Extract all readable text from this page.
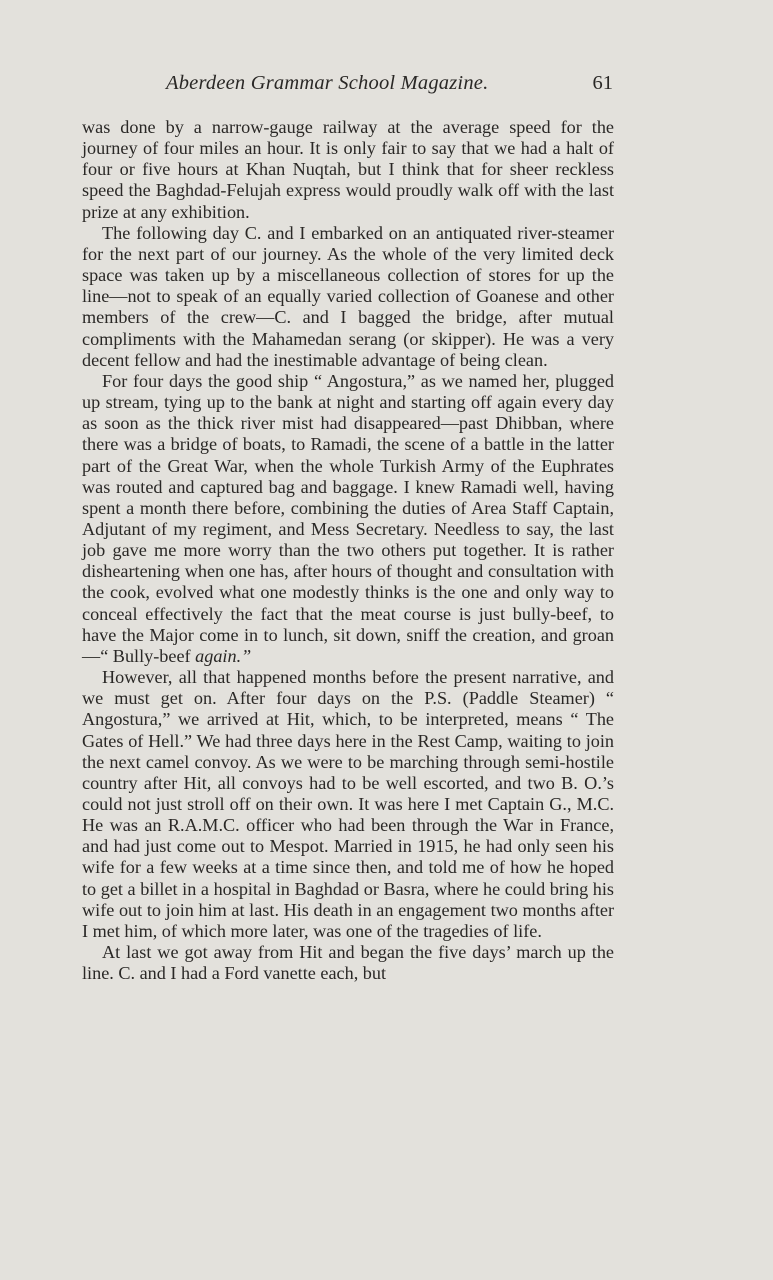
Aberdeen Grammar School Magazine.	61

was done by a narrow-gauge railway at the average speed for the journey of four miles an hour. It is only fair to say that we had a halt of four or five hours at Khan Nuqtah, but I think that for sheer reckless speed the Baghdad-Felujah express would proudly walk off with the last prize at any exhibition.

The following day C. and I embarked on an antiquated river-steamer for the next part of our journey. As the whole of the very limited deck space was taken up by a miscellaneous collection of stores for up the line—not to speak of an equally varied collection of Goanese and other members of the crew—C. and I bagged the bridge, after mutual compliments with the Mahamedan serang (or skipper). He was a very decent fellow and had the inestimable advantage of being clean.

For four days the good ship “ Angostura,” as we named her, plugged up stream, tying up to the bank at night and starting off again every day as soon as the thick river mist had disappeared—past Dhibban, where there was a bridge of boats, to Ramadi, the scene of a battle in the latter part of the Great War, when the whole Turkish Army of the Euphrates was routed and captured bag and baggage. I knew Ramadi well, having spent a month there before, combining the duties of Area Staff Captain, Adjutant of my regiment, and Mess Secretary. Needless to say, the last job gave me more worry than the two others put together. It is rather disheartening when one has, after hours of thought and consultation with the cook, evolved what one modestly thinks is the one and only way to conceal effectively the fact that the meat course is just bully-beef, to have the Major come in to lunch, sit down, sniff the creation, and groan—“ Bully-beef again.”

However, all that happened months before the present narrative, and we must get on. After four days on the P.S. (Paddle Steamer) “ Angostura,” we arrived at Hit, which, to be interpreted, means “ The Gates of Hell.” We had three days here in the Rest Camp, waiting to join the next camel convoy. As we were to be marching through semi-hostile country after Hit, all convoys had to be well escorted, and two B. O.’s could not just stroll off on their own. It was here I met Captain G., M.C. He was an R.A.M.C. officer who had been through the War in France, and had just come out to Mespot. Married in 1915, he had only seen his wife for a few weeks at a time since then, and told me of how he hoped to get a billet in a hospital in Baghdad or Basra, where he could bring his wife out to join him at last. His death in an engagement two months after I met him, of which more later, was one of the tragedies of life.

At last we got away from Hit and began the five days’ march up the line. C. and I had a Ford vanette each, but
